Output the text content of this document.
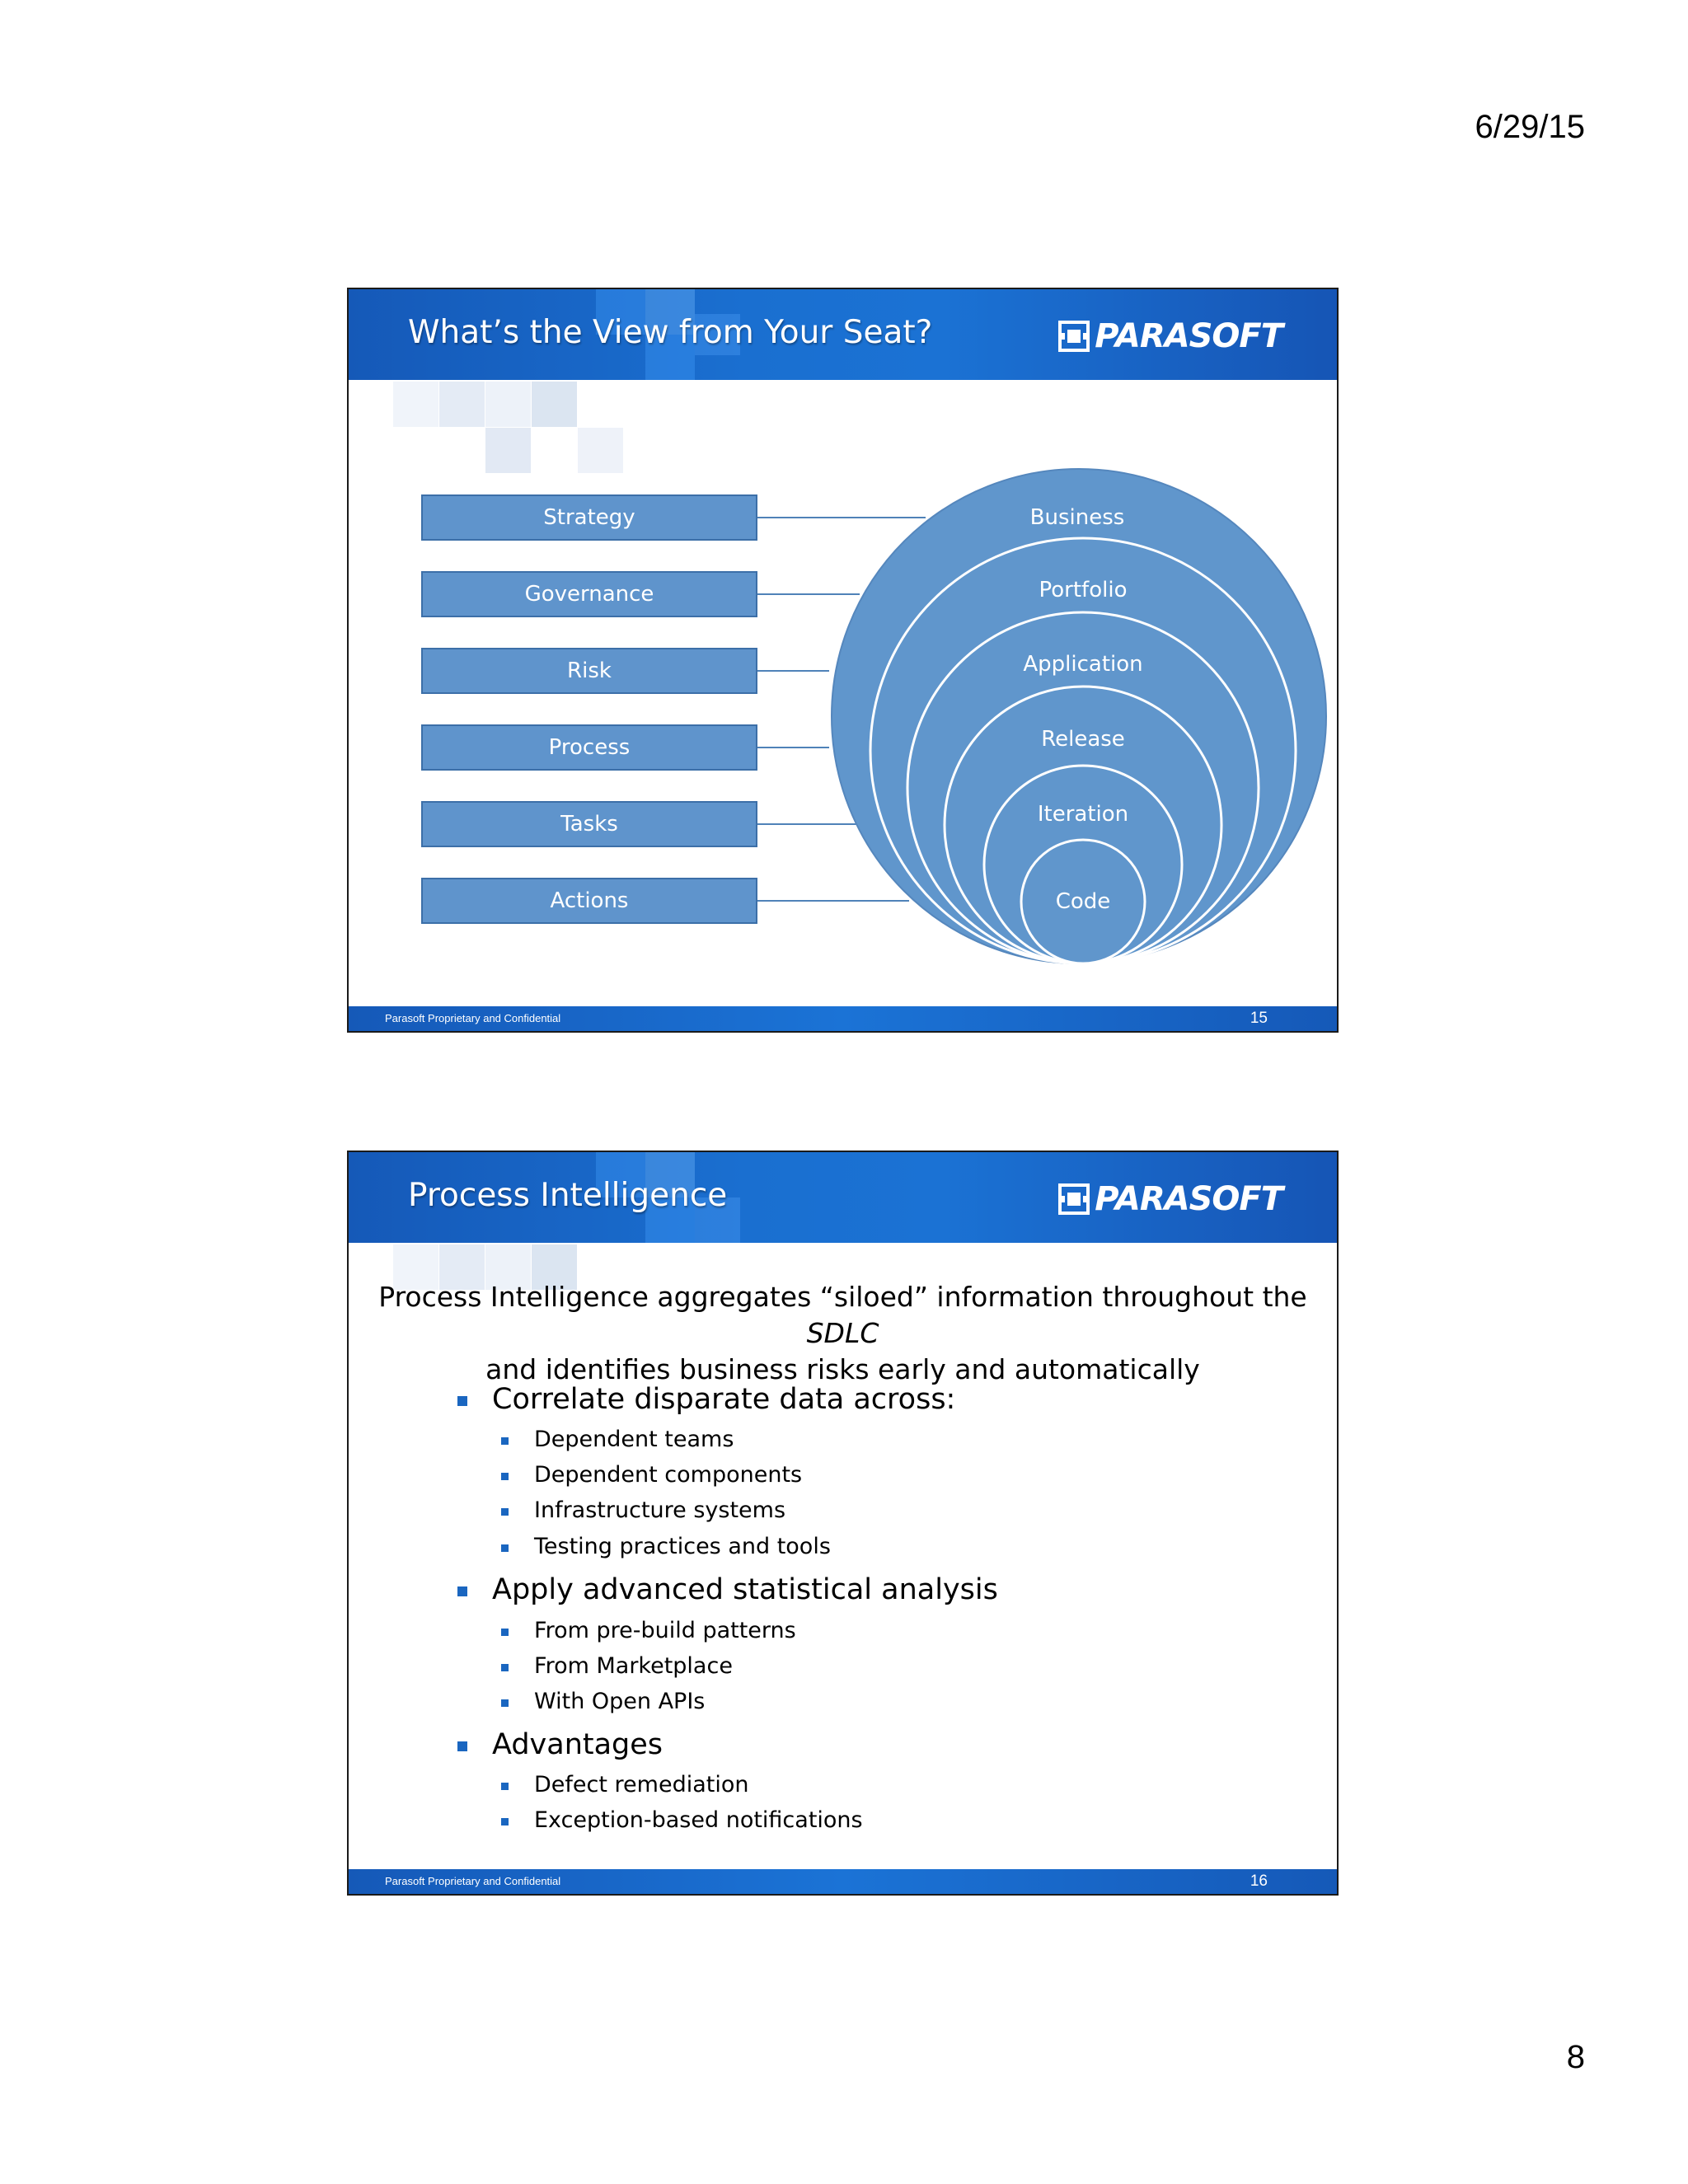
6/29/15
What’s the View from Your Seat?	PARASOFT
Strategy
Governance
Risk
Process
Tasks
Actions
Business
Portfolio
Application
Release
Iteration
Code
Parasoft Proprietary and Confidential	15
Process Intelligence	PARASOFT
Process Intelligence aggregates “siloed” information throughout the SDLC
and identifies business risks early and automatically
Correlate disparate data across:
Dependent teams
Dependent components
Infrastructure systems
Testing practices and tools
Apply advanced statistical analysis
From pre-build patterns
From Marketplace
With Open APIs
Advantages
Defect remediation
Exception-based notifications
Parasoft Proprietary and Confidential	16
8
